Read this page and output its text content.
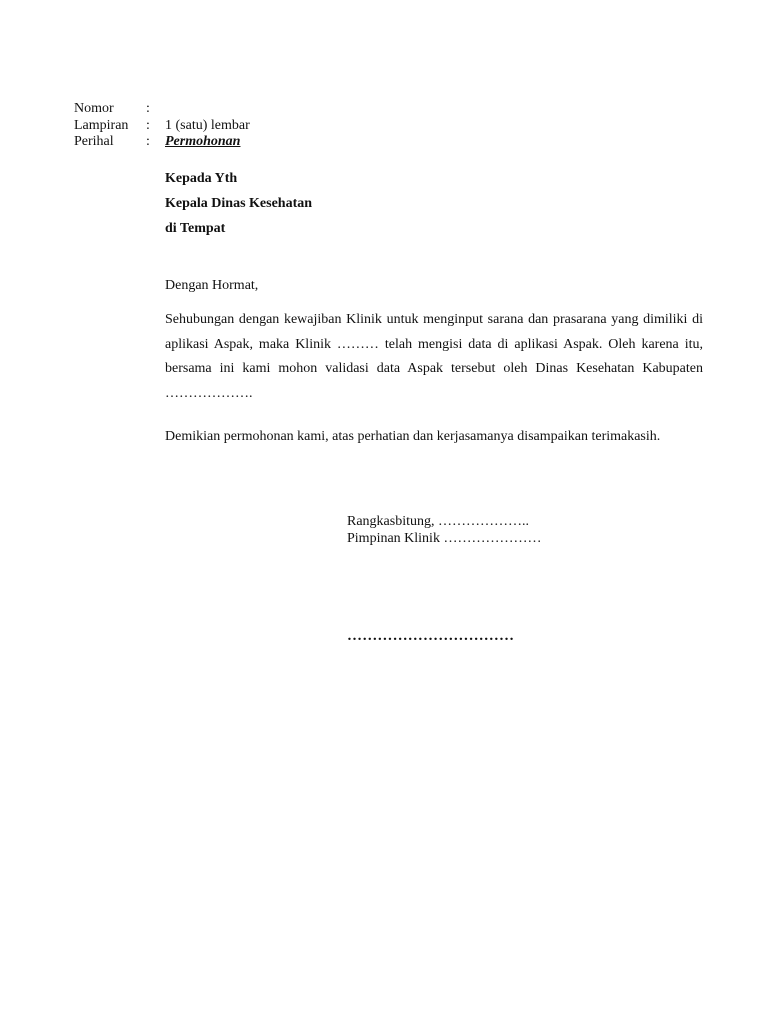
Nomor	:
Lampiran	:	1 (satu) lembar
Perihal	:	Permohonan
Kepada Yth
Kepala Dinas Kesehatan
di Tempat
Dengan Hormat,
Sehubungan dengan kewajiban Klinik untuk menginput sarana dan prasarana yang dimiliki di aplikasi Aspak, maka Klinik ……… telah mengisi data di aplikasi Aspak. Oleh karena itu, bersama ini kami mohon validasi data Aspak tersebut oleh Dinas Kesehatan Kabupaten ……………….
Demikian permohonan kami, atas perhatian dan kerjasamanya disampaikan terimakasih.
Rangkasbitung, ………………..
Pimpinan Klinik …………………
……………………………
